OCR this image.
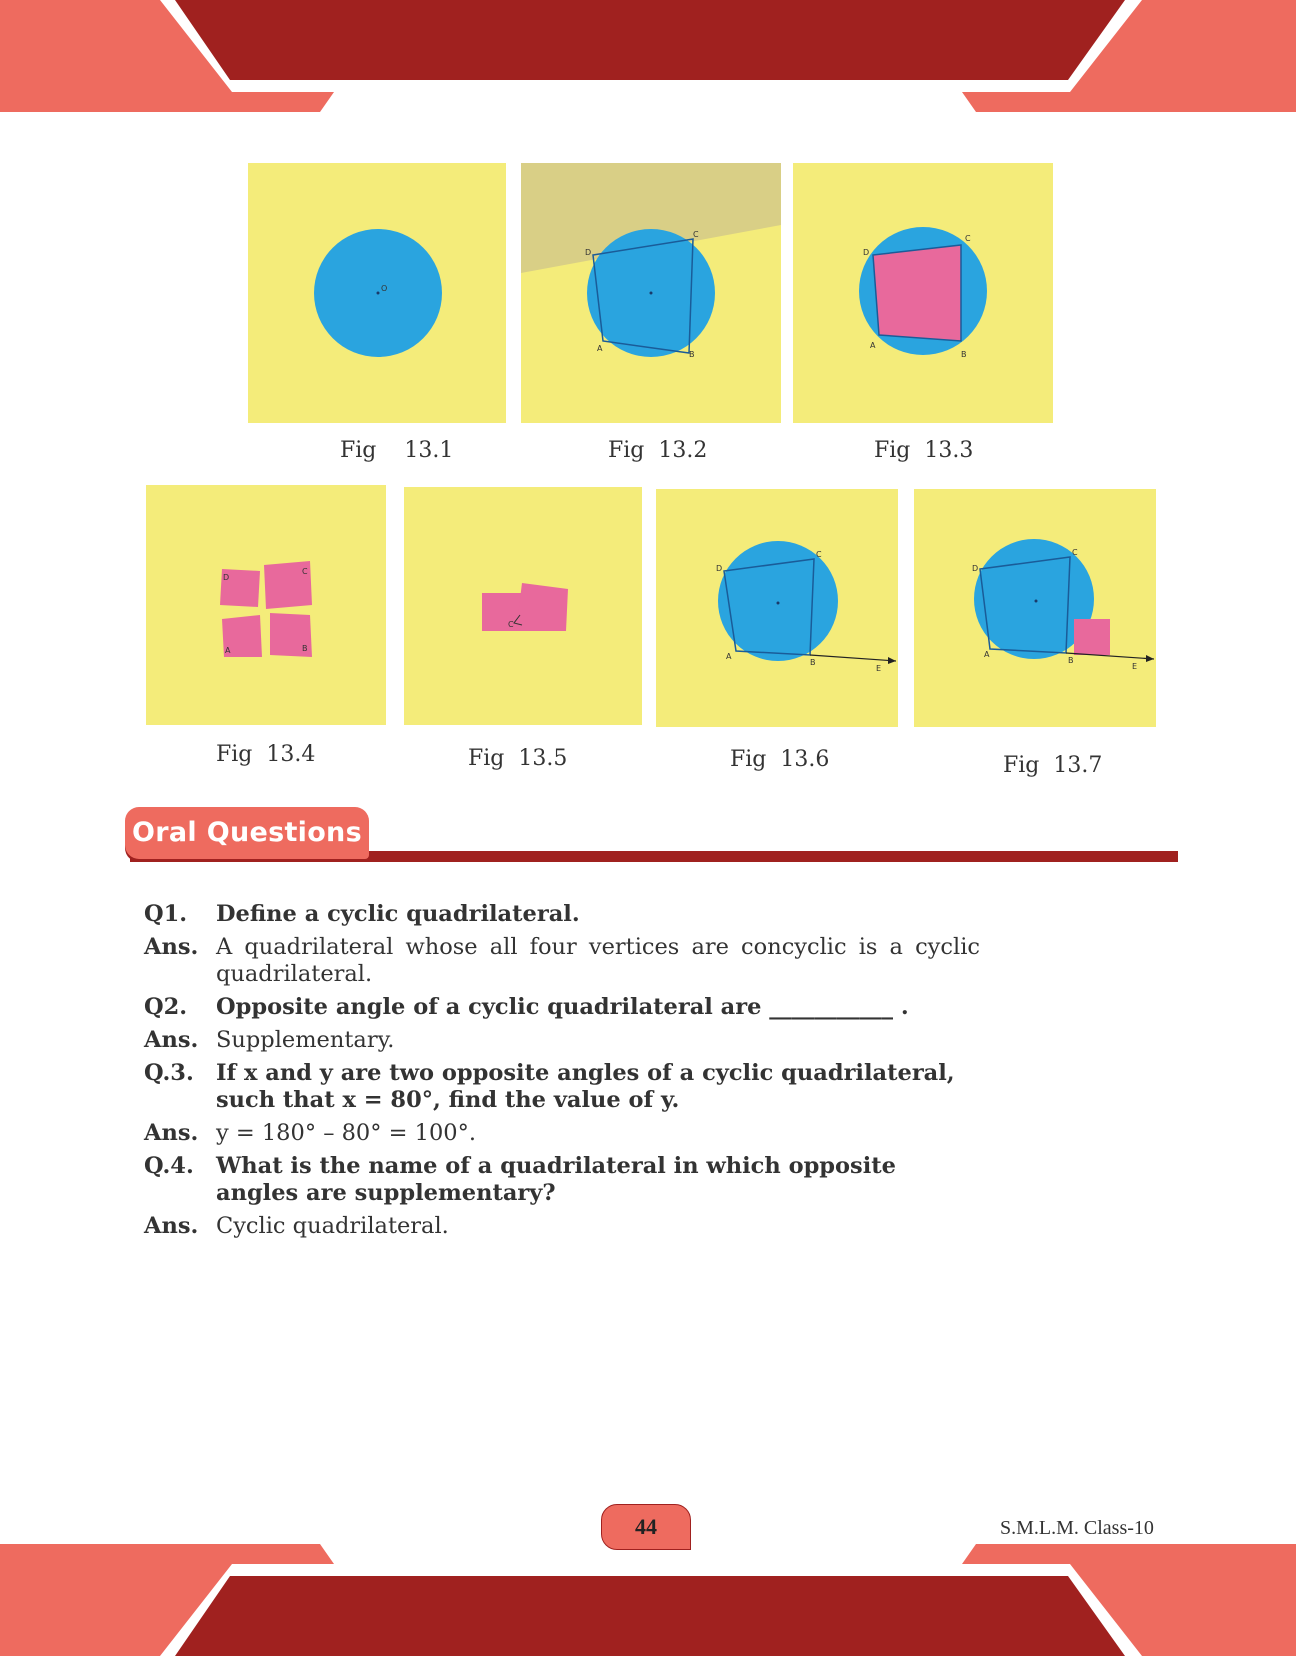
O
D
C
A
B
D
C
A
B
Fig    13.1	Fig  13.2	Fig  13.3
D
C
A	B
C
D
C
A
B
E
D
C
A
B
E
Fig  13.4	Fig  13.5	Fig  13.6	Fig  13.7
Oral Questions
Q1.	Define a cyclic quadrilateral.
Ans. A quadrilateral whose all four vertices are concyclic is a cyclic quadrilateral.
Q2.	Opposite angle of a cyclic quadrilateral are ___________ .
Ans. Supplementary.
Q.3. If x and y are two opposite angles of a cyclic quadrilateral, such that x = 80°, find the value of y.
Ans. y = 180° – 80° = 100°.
Q.4. What is the name of a quadrilateral in which opposite angles are supplementary?
Ans. Cyclic quadrilateral.
44	S.M.L.M. Class-10
